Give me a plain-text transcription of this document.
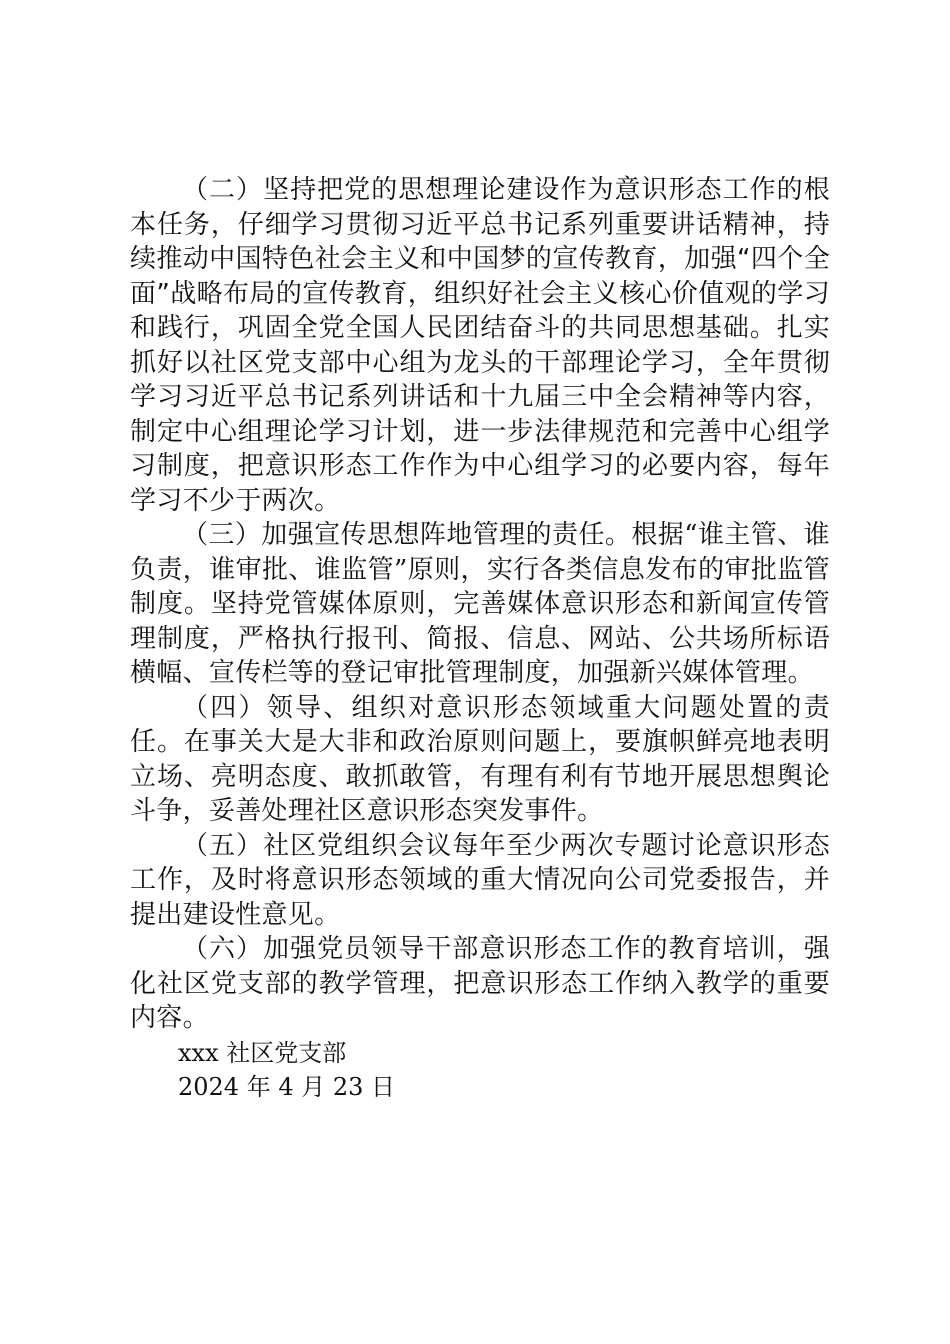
（二）坚持把党的思想理论建设作为意识形态工作的根本任务，仔细学习贯彻习近平总书记系列重要讲话精神，持续推动中国特色社会主义和中国梦的宣传教育，加强“四个全面”战略布局的宣传教育，组织好社会主义核心价值观的学习和践行，巩固全党全国人民团结奋斗的共同思想基础。扎实抓好以社区党支部中心组为龙头的干部理论学习，全年贯彻学习习近平总书记系列讲话和十九届三中全会精神等内容，制定中心组理论学习计划，进一步法律规范和完善中心组学习制度，把意识形态工作作为中心组学习的必要内容，每年学习不少于两次。

（三）加强宣传思想阵地管理的责任。根据“谁主管、谁负责，谁审批、谁监管”原则，实行各类信息发布的审批监管制度。坚持党管媒体原则，完善媒体意识形态和新闻宣传管理制度，严格执行报刊、简报、信息、网站、公共场所标语横幅、宣传栏等的登记审批管理制度，加强新兴媒体管理。

（四）领导、组织对意识形态领域重大问题处置的责任。在事关大是大非和政治原则问题上，要旗帜鲜亮地表明立场、亮明态度、敢抓敢管，有理有利有节地开展思想舆论斗争，妥善处理社区意识形态突发事件。

（五）社区党组织会议每年至少两次专题讨论意识形态工作，及时将意识形态领域的重大情况向公司党委报告，并提出建设性意见。

（六）加强党员领导干部意识形态工作的教育培训，强化社区党支部的教学管理，把意识形态工作纳入教学的重要内容。

xxx 社区党支部

2024 年 4 月 23 日
